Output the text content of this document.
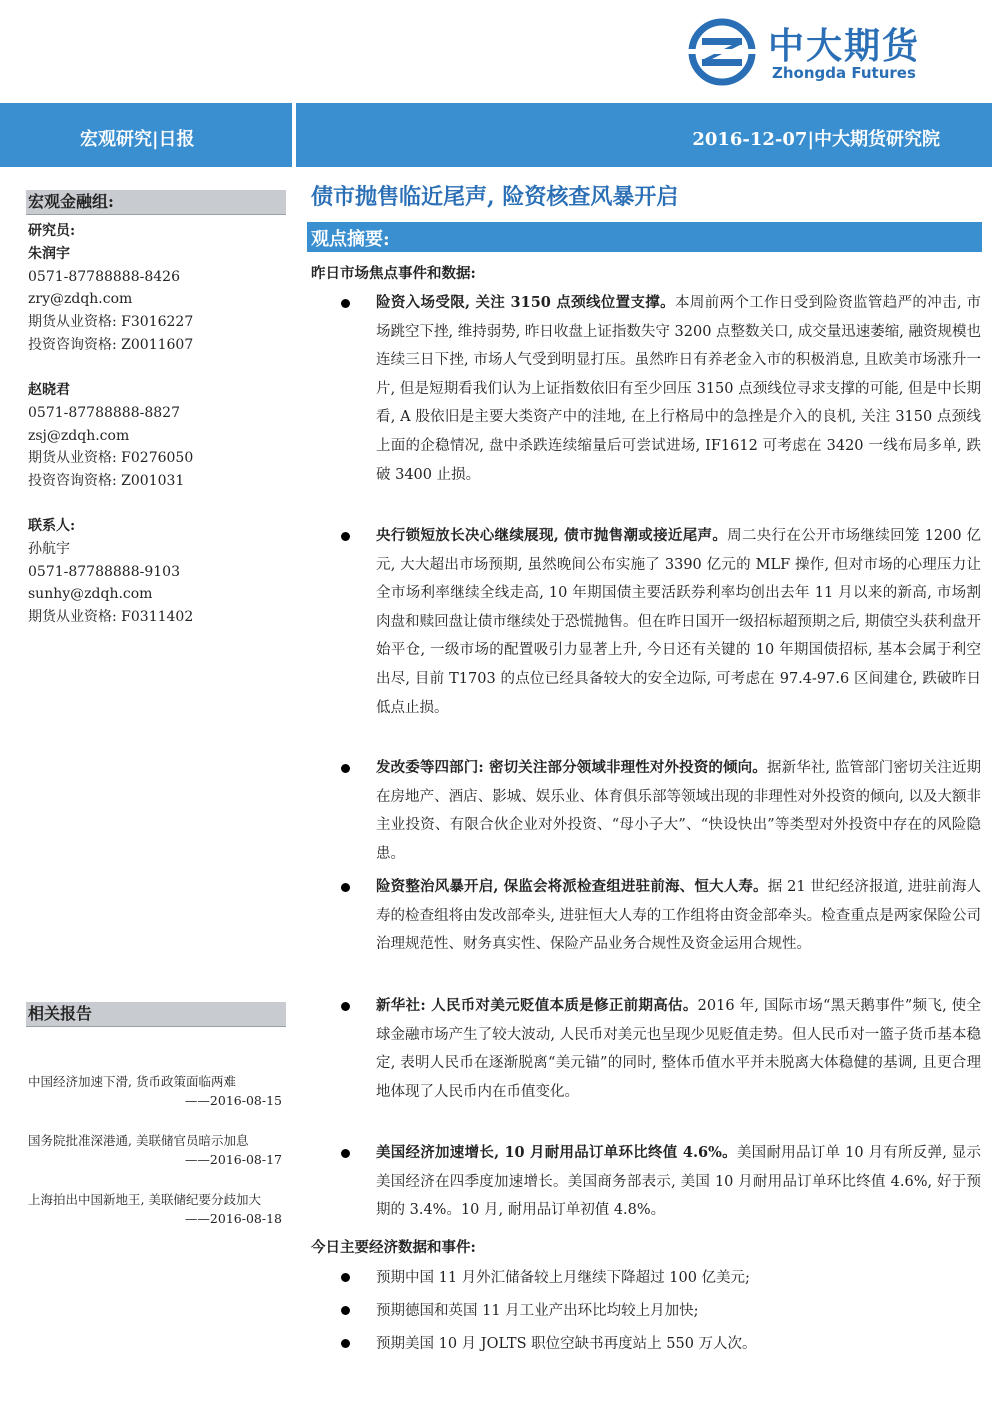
中大期货
Zhongda Futures
宏观研究|日报	2016-12-07|中大期货研究院
宏观金融组:
研究员:
朱润宇
0571-87788888-8426
zry@zdqh.com
期货从业资格: F3016227
投资咨询资格: Z0011607
赵晓君
0571-87788888-8827
zsj@zdqh.com
期货从业资格: F0276050
投资咨询资格: Z001031
联系人:
孙航宇
0571-87788888-9103
sunhy@zdqh.com
期货从业资格: F0311402
相关报告
中国经济加速下滑, 货币政策面临两难
——2016-08-15
国务院批准深港通, 美联储官员暗示加息
——2016-08-17
上海拍出中国新地王, 美联储纪要分歧加大
——2016-08-18
债市抛售临近尾声, 险资核查风暴开启
观点摘要:
昨日市场焦点事件和数据:
险资入场受限, 关注 3150 点颈线位置支撑。本周前两个工作日受到险资监管趋严的冲击, 市场跳空下挫, 维持弱势, 昨日收盘上证指数失守 3200 点整数关口, 成交量迅速萎缩, 融资规模也连续三日下挫, 市场人气受到明显打压。虽然昨日有养老金入市的积极消息, 且欧美市场涨升一片, 但是短期看我们认为上证指数依旧有至少回压 3150 点颈线位寻求支撑的可能, 但是中长期看, A 股依旧是主要大类资产中的洼地, 在上行格局中的急挫是介入的良机, 关注 3150 点颈线上面的企稳情况, 盘中杀跌连续缩量后可尝试进场, IF1612 可考虑在 3420 一线布局多单, 跌破 3400 止损。
央行锁短放长决心继续展现, 债市抛售潮或接近尾声。周二央行在公开市场继续回笼 1200 亿元, 大大超出市场预期, 虽然晚间公布实施了 3390 亿元的 MLF 操作, 但对市场的心理压力让全市场利率继续全线走高, 10 年期国债主要活跃券利率均创出去年 11 月以来的新高, 市场割肉盘和赎回盘让债市继续处于恐慌抛售。但在昨日国开一级招标超预期之后, 期债空头获利盘开始平仓, 一级市场的配置吸引力显著上升, 今日还有关键的 10 年期国债招标, 基本会属于利空出尽, 目前 T1703 的点位已经具备较大的安全边际, 可考虑在 97.4-97.6 区间建仓, 跌破昨日低点止损。
发改委等四部门: 密切关注部分领域非理性对外投资的倾向。据新华社, 监管部门密切关注近期在房地产、酒店、影城、娱乐业、体育俱乐部等领域出现的非理性对外投资的倾向, 以及大额非主业投资、有限合伙企业对外投资、“母小子大”、“快设快出”等类型对外投资中存在的风险隐患。
险资整治风暴开启, 保监会将派检查组进驻前海、恒大人寿。据 21 世纪经济报道, 进驻前海人寿的检查组将由发改部牵头, 进驻恒大人寿的工作组将由资金部牵头。检查重点是两家保险公司治理规范性、财务真实性、保险产品业务合规性及资金运用合规性。
新华社: 人民币对美元贬值本质是修正前期高估。2016 年, 国际市场“黑天鹅事件”频飞, 使全球金融市场产生了较大波动, 人民币对美元也呈现少见贬值走势。但人民币对一篮子货币基本稳定, 表明人民币在逐渐脱离“美元锚”的同时, 整体币值水平并未脱离大体稳健的基调, 且更合理地体现了人民币内在币值变化。
美国经济加速增长, 10 月耐用品订单环比终值 4.6%。美国耐用品订单 10 月有所反弹, 显示美国经济在四季度加速增长。美国商务部表示, 美国 10 月耐用品订单环比终值 4.6%, 好于预期的 3.4%。10 月, 耐用品订单初值 4.8%。
今日主要经济数据和事件:
预期中国 11 月外汇储备较上月继续下降超过 100 亿美元;
预期德国和英国 11 月工业产出环比均较上月加快;
预期美国 10 月 JOLTS 职位空缺书再度站上 550 万人次。
